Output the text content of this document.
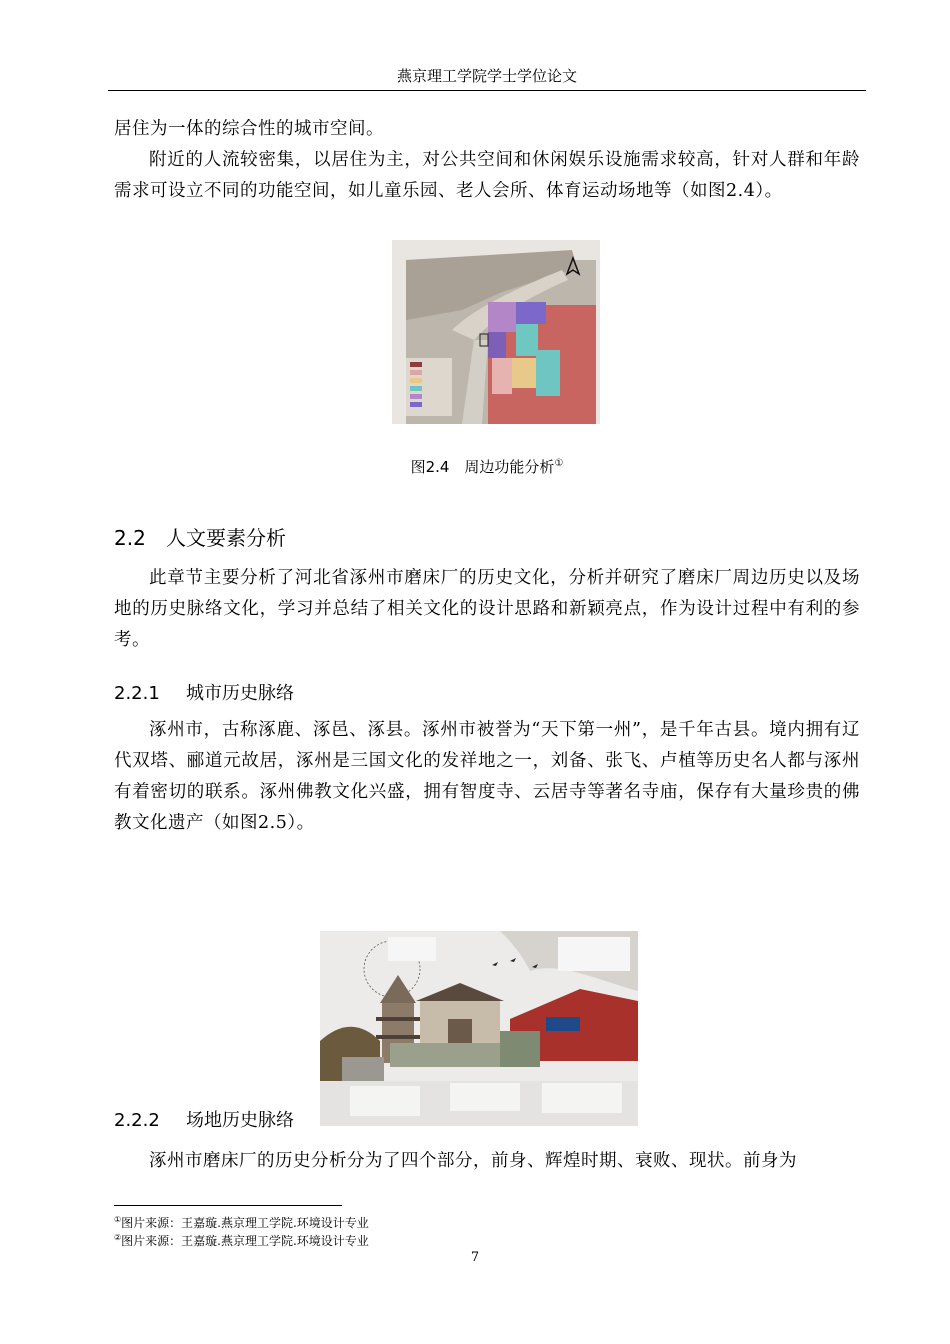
燕京理工学院学士学位论文

居住为一体的综合性的城市空间。

附近的人流较密集，以居住为主，对公共空间和休闲娱乐设施需求较高，针对人群和年龄需求可设立不同的功能空间，如儿童乐园、老人会所、体育运动场地等（如图2.4）。

图2.4　周边功能分析①
2.2 人文要素分析

此章节主要分析了河北省涿州市磨床厂的历史文化，分析并研究了磨床厂周边历史以及场地的历史脉络文化，学习并总结了相关文化的设计思路和新颖亮点，作为设计过程中有利的参考。

2.2.1 城市历史脉络

涿州市，古称涿鹿、涿邑、涿县。涿州市被誉为“天下第一州”，是千年古县。境内拥有辽代双塔、郦道元故居，涿州是三国文化的发祥地之一，刘备、张飞、卢植等历史名人都与涿州有着密切的联系。涿州佛教文化兴盛，拥有智度寺、云居寺等著名寺庙，保存有大量珍贵的佛教文化遗产（如图2.5）。

2.2.2 场地历史脉络

涿州市磨床厂的历史分析分为了四个部分，前身、辉煌时期、衰败、现状。前身为

①图片来源：王嘉璇.燕京理工学院.环境设计专业
②图片来源：王嘉璇.燕京理工学院.环境设计专业
7
